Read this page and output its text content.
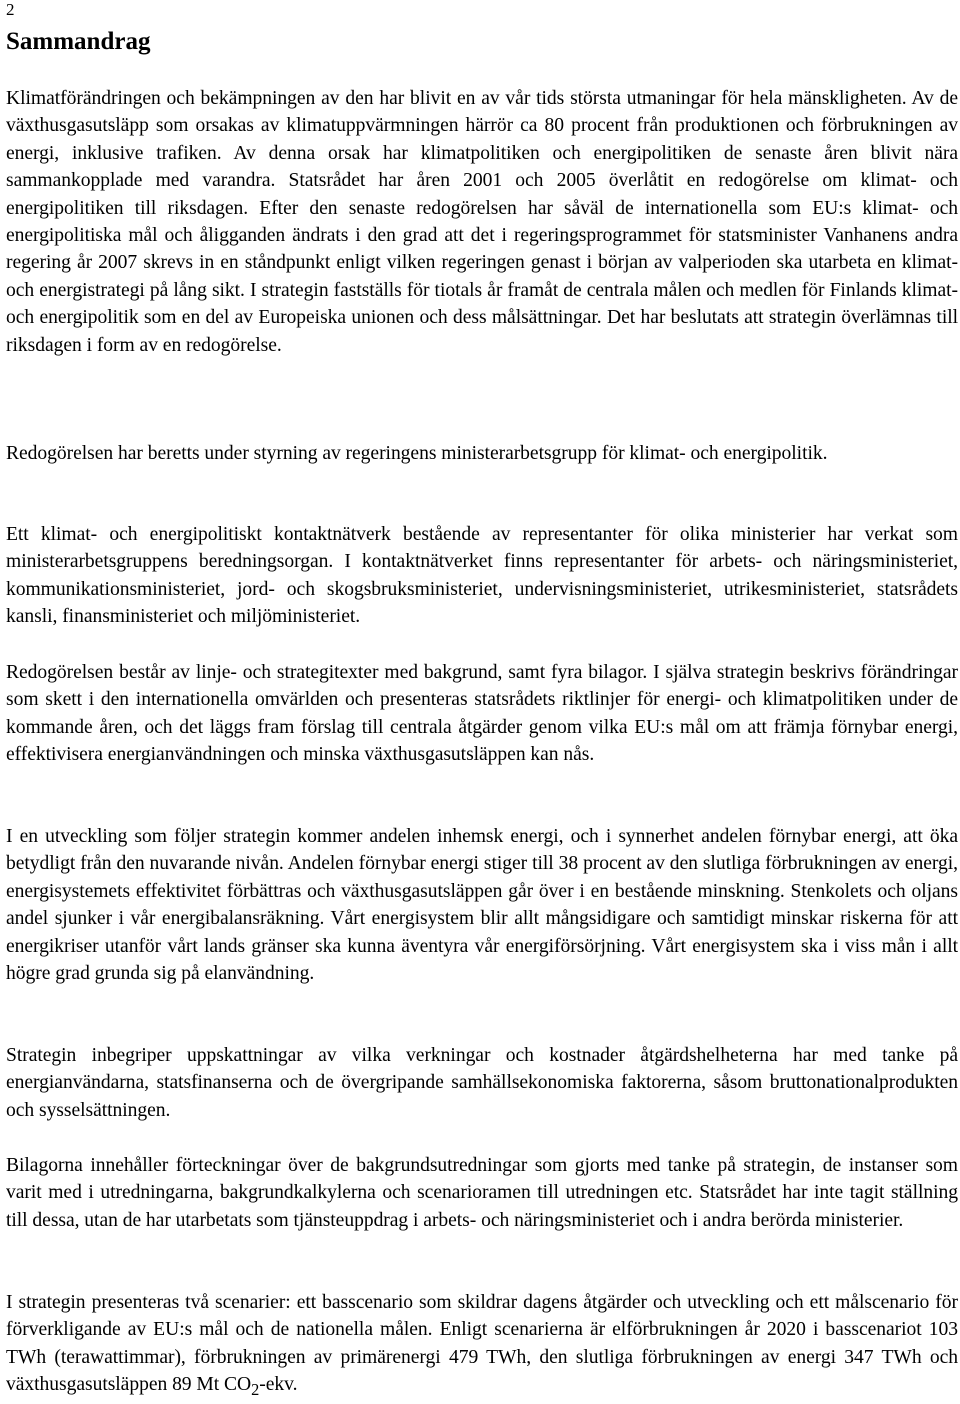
2
Sammandrag

Klimatförändringen och bekämpningen av den har blivit en av vår tids största utmaningar för hela mänskligheten. Av de växthusgasutsläpp som orsakas av klimatuppvärmningen härrör ca 80 procent från produktionen och förbrukningen av energi, inklusive trafiken. Av denna orsak har klimatpolitiken och energipolitiken de senaste åren blivit nära sammankopplade med varandra. Statsrådet har åren 2001 och 2005 överlåtit en redogörelse om klimat- och energipolitiken till riksdagen. Efter den senaste redogörelsen har såväl de internationella som EU:s klimat- och energipolitiska mål och åligganden ändrats i den grad att det i regeringsprogrammet för statsminister Vanhanens andra regering år 2007 skrevs in en ståndpunkt enligt vilken regeringen genast i början av valperioden ska utarbeta en klimat- och energistrategi på lång sikt. I strategin fastställs för tiotals år framåt de centrala målen och medlen för Finlands klimat- och energipolitik som en del av Europeiska unionen och dess målsättningar. Det har beslutats att strategin överlämnas till riksdagen i form av en redogörelse.

Redogörelsen har beretts under styrning av regeringens ministerarbetsgrupp för klimat- och energipolitik.

Ett klimat- och energipolitiskt kontaktnätverk bestående av representanter för olika ministerier har verkat som ministerarbetsgruppens beredningsorgan. I kontaktnätverket finns representanter för arbets- och näringsministeriet, kommunikationsministeriet, jord- och skogsbruksministeriet, undervisningsministeriet, utrikesministeriet, statsrådets kansli, finansministeriet och miljöministeriet.

Redogörelsen består av linje- och strategitexter med bakgrund, samt fyra bilagor. I själva strategin beskrivs förändringar som skett i den internationella omvärlden och presenteras statsrådets riktlinjer för energi- och klimatpolitiken under de kommande åren, och det läggs fram förslag till centrala åtgärder genom vilka EU:s mål om att främja förnybar energi, effektivisera energianvändningen och minska växthusgasutsläppen kan nås.

I en utveckling som följer strategin kommer andelen inhemsk energi, och i synnerhet andelen förnybar energi, att öka betydligt från den nuvarande nivån. Andelen förnybar energi stiger till 38 procent av den slutliga förbrukningen av energi, energisystemets effektivitet förbättras och växthusgasutsläppen går över i en bestående minskning. Stenkolets och oljans andel sjunker i vår energibalansräkning. Vårt energisystem blir allt mångsidigare och samtidigt minskar riskerna för att energikriser utanför vårt lands gränser ska kunna äventyra vår energiförsörjning. Vårt energisystem ska i viss mån i allt högre grad grunda sig på elanvändning.

Strategin inbegriper uppskattningar av vilka verkningar och kostnader åtgärdshelheterna har med tanke på energianvändarna, statsfinanserna och de övergripande samhällsekonomiska faktorerna, såsom bruttonationalprodukten och sysselsättningen.

Bilagorna innehåller förteckningar över de bakgrundsutredningar som gjorts med tanke på strategin, de instanser som varit med i utredningarna, bakgrundkalkylerna och scenarioramen till utredningen etc. Statsrådet har inte tagit ställning till dessa, utan de har utarbetats som tjänsteuppdrag i arbets- och näringsministeriet och i andra berörda ministerier.

I strategin presenteras två scenarier: ett basscenario som skildrar dagens åtgärder och utveckling och ett målscenario för förverkligande av EU:s mål och de nationella målen. Enligt scenarierna är elförbrukningen år 2020 i basscenariot 103 TWh (terawattimmar), förbrukningen av primärenergi 479 TWh, den slutliga förbrukningen av energi 347 TWh och växthusgasutsläppen 89 Mt $CO_2$-ekv.
